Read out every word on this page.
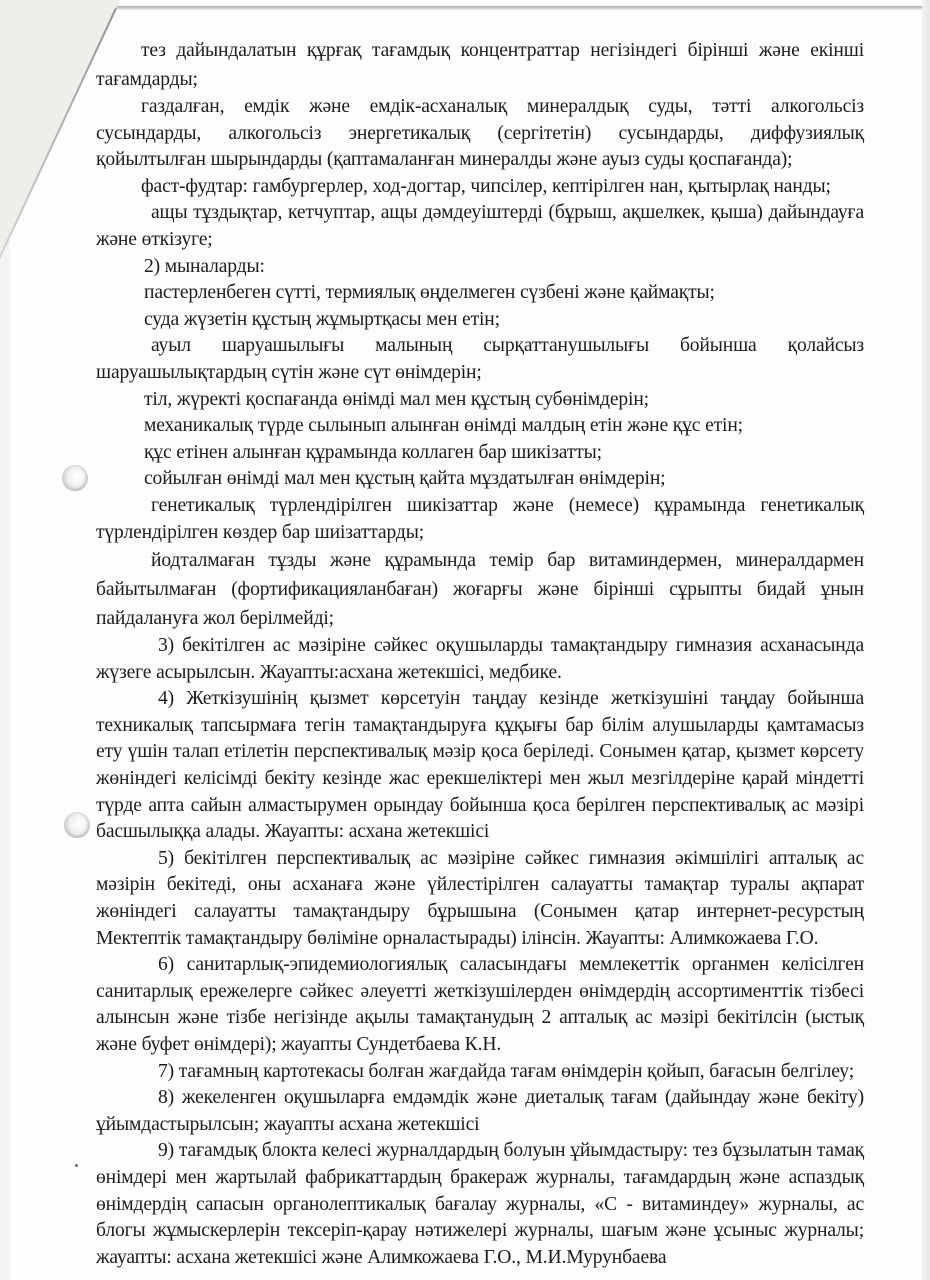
тез дайындалатын құрғақ тағамдық концентраттар негізіндегі бірінші және екінші тағамдарды;

газдалған, емдік және емдік-асханалық минералдық суды, тәтті алкогольсіз сусындарды, алкогольсіз энергетикалық (сергітетін) сусындарды, диффузиялық қойылтылған шырындарды (қаптамаланған минералды және ауыз суды қоспағанда);

фаст-фудтар: гамбургерлер, ход-догтар, чипсілер, кептірілген нан, қытырлақ нанды;

ащы тұздықтар, кетчуптар, ащы дәмдеуіштерді (бұрыш, ақшелкек, қыша) дайындауға және өткізуге;

2) мыналарды:

пастерленбеген сүтті, термиялық өңделмеген сүзбені және қаймақты;

суда жүзетін құстың жұмыртқасы мен етін;

ауыл шаруашылығы малының сырқаттанушылығы бойынша қолайсыз шаруашылықтардың сүтін және сүт өнімдерін;

тіл, жүректі қоспағанда өнімді мал мен құстың субөнімдерін;

механикалық түрде сылынып алынған өнімді малдың етін және құс етін;

құс етінен алынған құрамында коллаген бар шикізатты;

сойылған өнімді мал мен құстың қайта мұздатылған өнімдерін;

генетикалық түрлендірілген шикізаттар және (немесе) құрамында генетикалық түрлендірілген көздер бар шиізаттарды;

йодталмаған тұзды және құрамында темір бар витаминдермен, минералдармен байытылмаған (фортификацияланбаған) жоғарғы және бірінші сұрыпты бидай ұнын пайдалануға жол берілмейді;

3) бекітілген ас мәзіріне сәйкес оқушыларды тамақтандыру гимназия асханасында жүзеге асырылсын. Жауапты:асхана жетекшісі, медбике.

4) Жеткізушінің қызмет көрсетуін таңдау кезінде жеткізушіні таңдау бойынша техникалық тапсырмаға тегін тамақтандыруға құқығы бар білім алушыларды қамтамасыз ету үшін талап етілетін перспективалық мәзір қоса беріледі. Сонымен қатар, қызмет көрсету жөніндегі келісімді бекіту кезінде жас ерекшеліктері мен жыл мезгілдеріне қарай міндетті түрде апта сайын алмастырумен орындау бойынша қоса берілген перспективалық ас мәзірі басшылыққа алады. Жауапты: асхана жетекшісі

5) бекітілген перспективалық ас мәзіріне сәйкес гимназия әкімшілігі апталық ас мәзірін бекітеді, оны асханаға және үйлестірілген салауатты тамақтар туралы ақпарат жөніндегі салауатты тамақтандыру бұрышына (Сонымен қатар интернет-ресурстың Мектептік тамақтандыру бөліміне орналастырады) ілінсін. Жауапты: Алимкожаева Г.О.

6) санитарлық-эпидемиологиялық саласындағы мемлекеттік органмен келісілген санитарлық ережелерге сәйкес әлеуетті жеткізушілерден өнімдердің ассортименттік тізбесі алынсын және тізбе негізінде ақылы тамақтанудың 2 апталық ас мәзірі бекітілсін (ыстық және буфет өнімдері); жауапты Сундетбаева К.Н.

7) тағамның картотекасы болған жағдайда тағам өнімдерін қойып, бағасын белгілеу;

8) жекеленген оқушыларға емдәмдік және диеталық тағам (дайындау және бекіту) ұйымдастырылсын; жауапты асхана жетекшісі

9) тағамдық блокта келесі журналдардың болуын ұйымдастыру: тез бұзылатын тамақ өнімдері мен жартылай фабрикаттардың бракераж журналы, тағамдардың және аспаздық өнімдердің сапасын органолептикалық бағалау журналы, «С - витаминдеу» журналы, ас блогы жұмыскерлерін тексеріп-қарау нәтижелері журналы, шағым және ұсыныс журналы; жауапты: асхана жетекшісі және Алимкожаева Г.О., М.И.Мурунбаева
